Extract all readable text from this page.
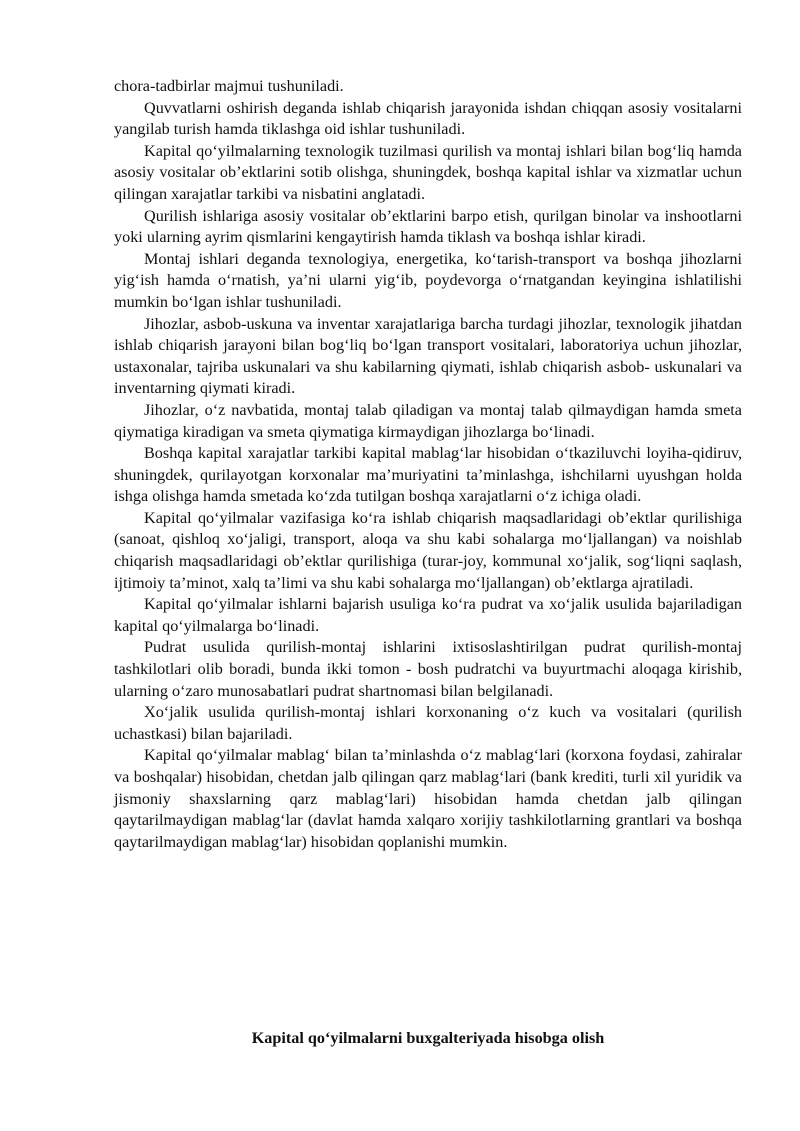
chora-tadbirlar majmui tushuniladi.

Quvvatlarni oshirish deganda ishlab chiqarish jarayonida ishdan chiqqan asosiy vositalarni yangilab turish hamda tiklashga oid ishlar tushuniladi.

Kapital qo‘yilmalarning texnologik tuzilmasi qurilish va montaj ishlari bilan bog‘liq hamda asosiy vositalar ob’ektlarini sotib olishga, shuningdek, boshqa kapital ishlar va xizmatlar uchun qilingan xarajatlar tarkibi va nisbatini anglatadi.

Qurilish ishlariga asosiy vositalar ob’ektlarini barpo etish, qurilgan binolar va inshootlarni yoki ularning ayrim qismlarini kengaytirish hamda tiklash va boshqa ishlar kiradi.

Montaj ishlari deganda texnologiya, energetika, ko‘tarish-transport va boshqa jihozlarni yig‘ish hamda o‘rnatish, ya’ni ularni yig‘ib, poydevorga o‘rnatgandan keyingina ishlatilishi mumkin bo‘lgan ishlar tushuniladi.

Jihozlar, asbob-uskuna va inventar xarajatlariga barcha turdagi jihozlar, texnologik jihatdan ishlab chiqarish jarayoni bilan bog‘liq bo‘lgan transport vositalari, laboratoriya uchun jihozlar, ustaxonalar, tajriba uskunalari va shu kabilarning qiymati, ishlab chiqarish asbob- uskunalari va inventarning qiymati kiradi.

Jihozlar, o‘z navbatida, montaj talab qiladigan va montaj talab qilmaydigan hamda smeta qiymatiga kiradigan va smeta qiymatiga kirmaydigan jihozlarga bo‘linadi.

Boshqa kapital xarajatlar tarkibi kapital mablag‘lar hisobidan o‘tkaziluvchi loyiha-qidiruv, shuningdek, qurilayotgan korxonalar ma’muriyatini ta’minlashga, ishchilarni uyushgan holda ishga olishga hamda smetada ko‘zda tutilgan boshqa xarajatlarni o‘z ichiga oladi.

Kapital qo‘yilmalar vazifasiga ko‘ra ishlab chiqarish maqsadlaridagi ob’ektlar qurilishiga (sanoat, qishloq xo‘jaligi, transport, aloqa va shu kabi sohalarga mo‘ljallangan) va noishlab chiqarish maqsadlaridagi ob’ektlar qurilishiga (turar-joy, kommunal xo‘jalik, sog‘liqni saqlash, ijtimoiy ta’minot, xalq ta’limi va shu kabi sohalarga mo‘ljallangan) ob’ektlarga ajratiladi.

Kapital qo‘yilmalar ishlarni bajarish usuliga ko‘ra pudrat va xo‘jalik usulida bajariladigan kapital qo‘yilmalarga bo‘linadi.

Pudrat usulida qurilish-montaj ishlarini ixtisoslashtirilgan pudrat qurilish-montaj tashkilotlari olib boradi, bunda ikki tomon - bosh pudratchi va buyurtmachi aloqaga kirishib, ularning o‘zaro munosabatlari pudrat shartnomasi bilan belgilanadi.

Xo‘jalik usulida qurilish-montaj ishlari korxonaning o‘z kuch va vositalari (qurilish uchastkasi) bilan bajariladi.

Kapital qo‘yilmalar mablag‘ bilan ta’minlashda o‘z mablag‘lari (korxona foydasi, zahiralar va boshqalar) hisobidan, chetdan jalb qilingan qarz mablag‘lari (bank krediti, turli xil yuridik va jismoniy shaxslarning qarz mablag‘lari) hisobidan hamda chetdan jalb qilingan qaytarilmaydigan mablag‘lar (davlat hamda xalqaro xorijiy tashkilotlarning grantlari va boshqa qaytarilmaydigan mablag‘lar) hisobidan qoplanishi mumkin.

Kapital qo‘yilmalarni buxgalteriyada hisobga olish
